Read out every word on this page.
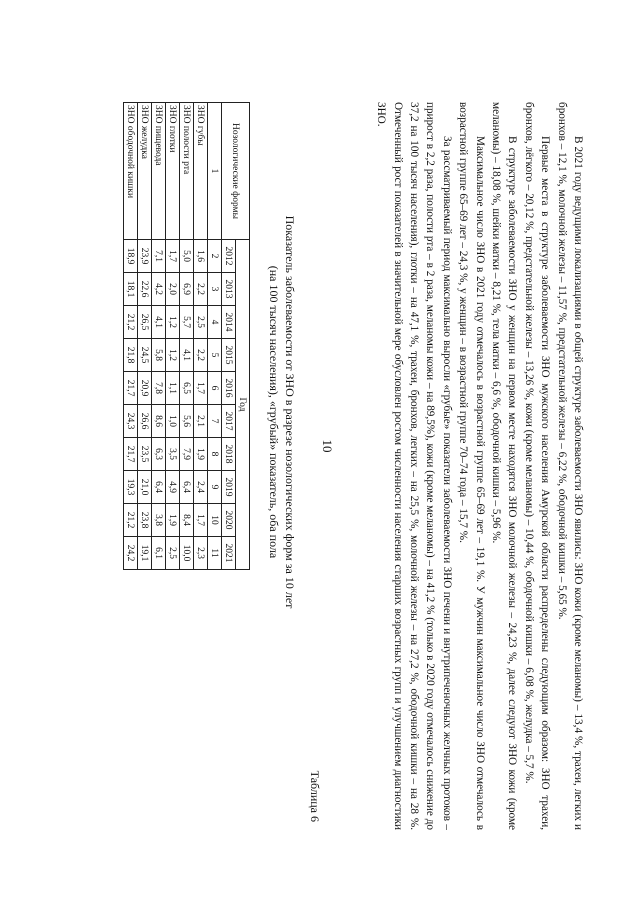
10	В 2021 году ведущими локализациями в общей структуре заболеваемости ЗНО явились: ЗНО кожи (кроме меланомы) – 13,4 %, трахеи, легких и бронхов – 12,1 %, молочной железы – 11,57 %, предстательной железы – 6,22 %, ободочной кишки – 5,65 %.

Первые места в структуре заболеваемости ЗНО мужского населения Амурской области распределены следующим образом: ЗНО трахеи, бронхов, лёгкого – 20,12 %, предстательной железы – 13,26 %, кожи (кроме меланомы) – 10,44 %, ободочной кишки – 6,08 %, желудка – 5,7 %.

В структуре заболеваемости ЗНО у женщин на первом месте находятся ЗНО молочной железы – 24,23 %, далее следуют ЗНО кожи (кроме меланомы) – 18,08 %, шейки матки – 8,21 %, тела матки – 6,6 %, ободочной кишки – 5,96 %.

Максимальное число ЗНО в 2021 году отмечалось в возрастной группе 65–69 лет – 19,1 %. У мужчин максимальное число ЗНО отмечалось в возрастной группе 65–69 лет – 24,3 %, у женщин – в возрастной группе 70–74 года – 15,7 %.

За рассматриваемый период максимально выросли «грубые» показатели заболеваемости ЗНО печени и внутрипеченочных желчных протоков – прирост в 2,2 раза, полости рта – в 2 раза, меланомы кожи – на 89,5%), кожи (кроме меланомы) – на 41,2 % (только в 2020 году отмечалось снижение до 37,2 на 100 тысяч населения), глотки – на 47,1 %, трахеи, бронхов, легких – на 25,5 %, молочной железы – на 27,2 %, ободочной кишки – на 28 %. Отмеченный рост показателей в значительной мере обусловлен ростом численности населения старших возрастных групп и улучшением диагностики ЗНО.

Таблица 6
Показатель заболеваемости от ЗНО в разрезе нозологических форм за 10 лет
(на 100 тысяч населения), «грубый» показатель, оба пола
Нозологические формы	Год									
	2012	2013	2014	2015	2016	2017	2018	2019	2020	2021
1	2	3	4	5	6	7	8	9	10	11
ЗНО губы	1,6	2,2	2,5	2,2	1,7	2,1	1,9	2,4	1,7	2,3
ЗНО полости рта	5,0	6,9	5,7	4,1	6,5	5,6	7,9	6,4	8,4	10,0
ЗНО глотки	1,7	2,0	1,2	1,2	1,1	1,0	3,5	4,9	1,9	2,5
ЗНО пищевода	7,1	4,2	4,1	5,8	7,8	8,6	6,3	6,4	3,8	6,1
ЗНО желудка	23,9	22,6	26,5	24,5	20,9	26,6	23,5	21,0	23,8	19,1
ЗНО ободочной кишки	18,9	18,1	21,2	21,8	21,7	24,3	21,7	19,3	21,2	24,2
